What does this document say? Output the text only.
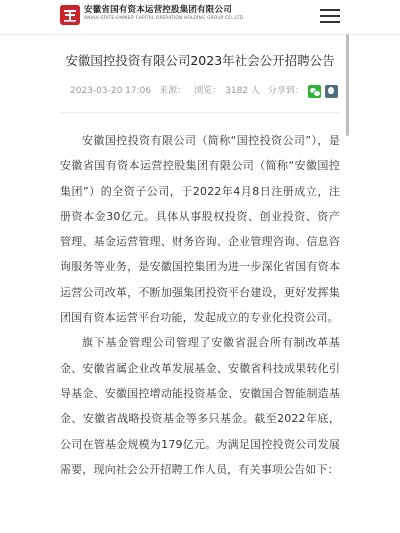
安徽省国有资本运营控股集团有限公司
ANHUI STATE-OWNED CAPITAL OPERATION HOLDING GROUP CO.,LTD.
安徽国控投资有限公司2023年社会公开招聘公告
2023-03-20 17:06 来源： 浏览： 3182 人 分享到：

安徽国控投资有限公司（简称“国控投资公司”），是安徽省国有资本运营控股集团有限公司（简称“安徽国控集团”）的全资子公司，于2022年4月8日注册成立，注册资本金30亿元。具体从事股权投资、创业投资、资产管理、基金运营管理、财务咨询、企业管理咨询、信息咨询服务等业务，是安徽国控集团为进一步深化省国有资本运营公司改革，不断加强集团投资平台建设，更好发挥集团国有资本运营平台功能，发起成立的专业化投资公司。

旗下基金管理公司管理了安徽省混合所有制改革基金、安徽省属企业改革发展基金、安徽省科技成果转化引导基金、安徽国控增动能投资基金、安徽国合智能制造基金、安徽省战略投资基金等多只基金。截至2022年底，公司在管基金规模为179亿元。为满足国控投资公司发展需要，现向社会公开招聘工作人员，有关事项公告如下：
